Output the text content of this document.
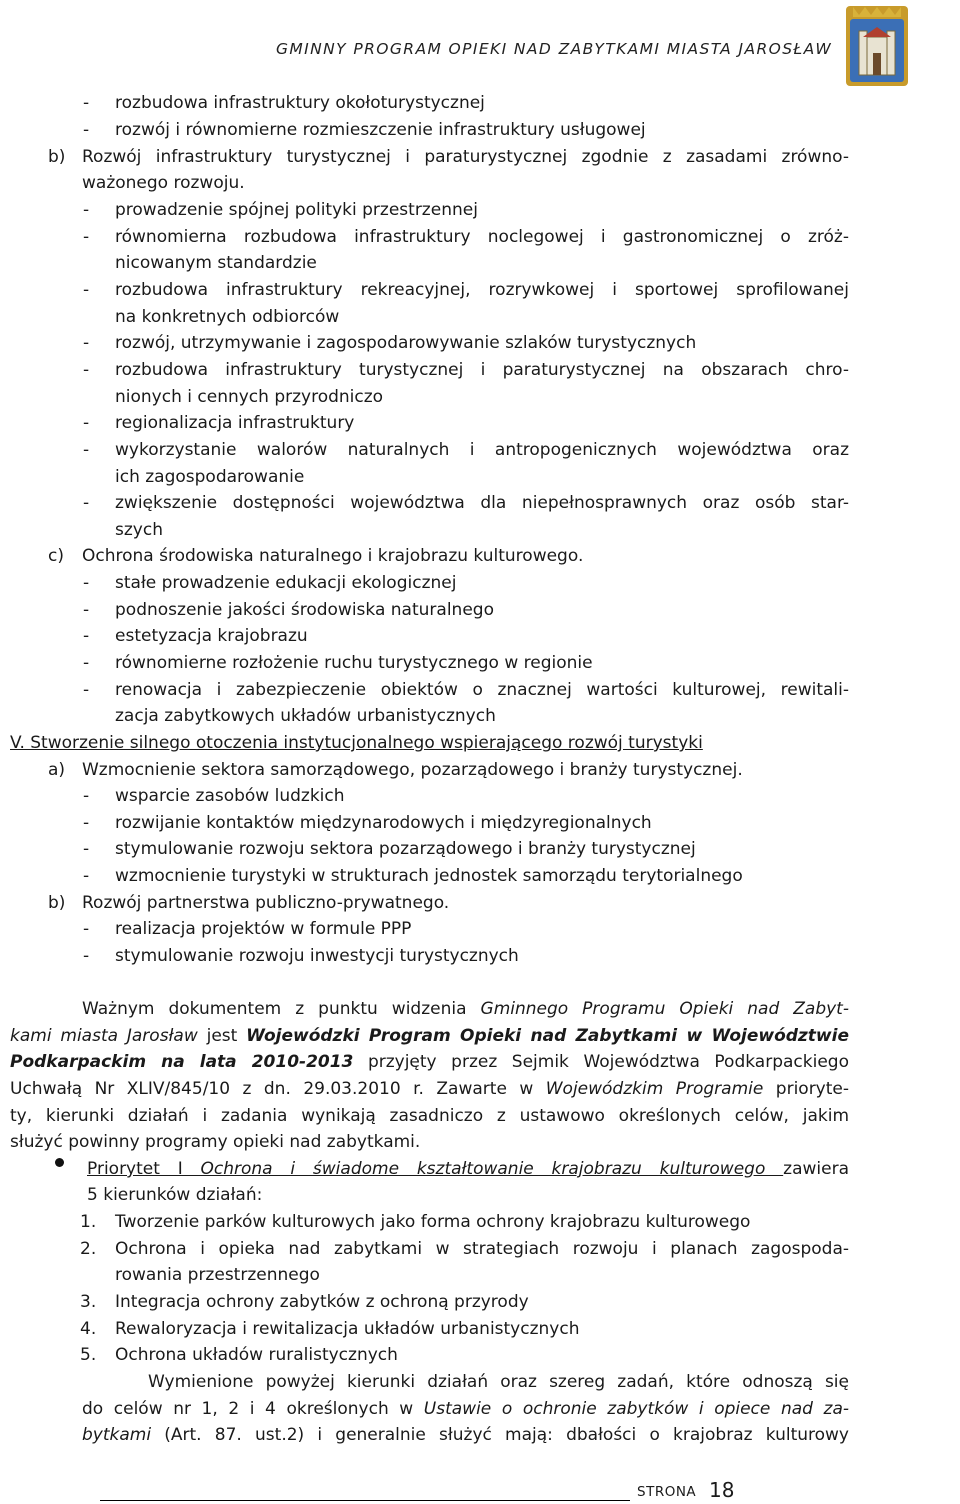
GMINNY PROGRAM OPIEKI NAD ZABYTKAMI MIASTA JAROSŁAW
- rozbudowa infrastruktury okołoturystycznej
- rozwój i równomierne rozmieszczenie infrastruktury usługowej
b) Rozwój infrastruktury turystycznej i paraturystycznej zgodnie z zasadami zrówno-
ważonego rozwoju.
- prowadzenie spójnej polityki przestrzennej
- równomierna rozbudowa infrastruktury noclegowej i gastronomicznej o zróż-
nicowanym standardzie
- rozbudowa infrastruktury rekreacyjnej, rozrywkowej i sportowej sprofilowanej
na konkretnych odbiorców
- rozwój, utrzymywanie i zagospodarowywanie szlaków turystycznych
- rozbudowa infrastruktury turystycznej i paraturystycznej na obszarach chro-
nionych i cennych przyrodniczo
- regionalizacja infrastruktury
- wykorzystanie walorów naturalnych i antropogenicznych województwa oraz
ich zagospodarowanie
- zwiększenie dostępności województwa dla niepełnosprawnych oraz osób star-
szych
c) Ochrona środowiska naturalnego i krajobrazu kulturowego.
- stałe prowadzenie edukacji ekologicznej
- podnoszenie jakości środowiska naturalnego
- estetyzacja krajobrazu
- równomierne rozłożenie ruchu turystycznego w regionie
- renowacja i zabezpieczenie obiektów o znacznej wartości kulturowej, rewitali-
zacja zabytkowych układów urbanistycznych
V. Stworzenie silnego otoczenia instytucjonalnego wspierającego rozwój turystyki
a) Wzmocnienie sektora samorządowego, pozarządowego i branży turystycznej.
- wsparcie zasobów ludzkich
- rozwijanie kontaktów międzynarodowych i międzyregionalnych
- stymulowanie rozwoju sektora pozarządowego i branży turystycznej
- wzmocnienie turystyki w strukturach jednostek samorządu terytorialnego
b) Rozwój partnerstwa publiczno-prywatnego.
- realizacja projektów w formule PPP
- stymulowanie rozwoju inwestycji turystycznych
Ważnym dokumentem z punktu widzenia Gminnego Programu Opieki nad Zabyt-
kami miasta Jarosław jest Wojewódzki Program Opieki nad Zabytkami w Województwie
Podkarpackim na lata 2010-2013 przyjęty przez Sejmik Województwa Podkarpackiego
Uchwałą Nr XLIV/845/10 z dn. 29.03.2010 r. Zawarte w Wojewódzkim Programie prioryte-
ty, kierunki działań i zadania wynikają zasadniczo z ustawowo określonych celów, jakim
służyć powinny programy opieki nad zabytkami.
Priorytet I Ochrona i świadome kształtowanie krajobrazu kulturowego zawiera
5 kierunków działań:
1. Tworzenie parków kulturowych jako forma ochrony krajobrazu kulturowego
2. Ochrona i opieka nad zabytkami w strategiach rozwoju i planach zagospoda-
rowania przestrzennego
3. Integracja ochrony zabytków z ochroną przyrody
4. Rewaloryzacja i rewitalizacja układów urbanistycznych
5. Ochrona układów ruralistycznych
Wymienione powyżej kierunki działań oraz szereg zadań, które odnoszą się
do celów nr 1, 2 i 4 określonych w Ustawie o ochronie zabytków i opiece nad za-
bytkami (Art. 87. ust.2) i generalnie służyć mają: dbałości o krajobraz kulturowy
STRONA 18
